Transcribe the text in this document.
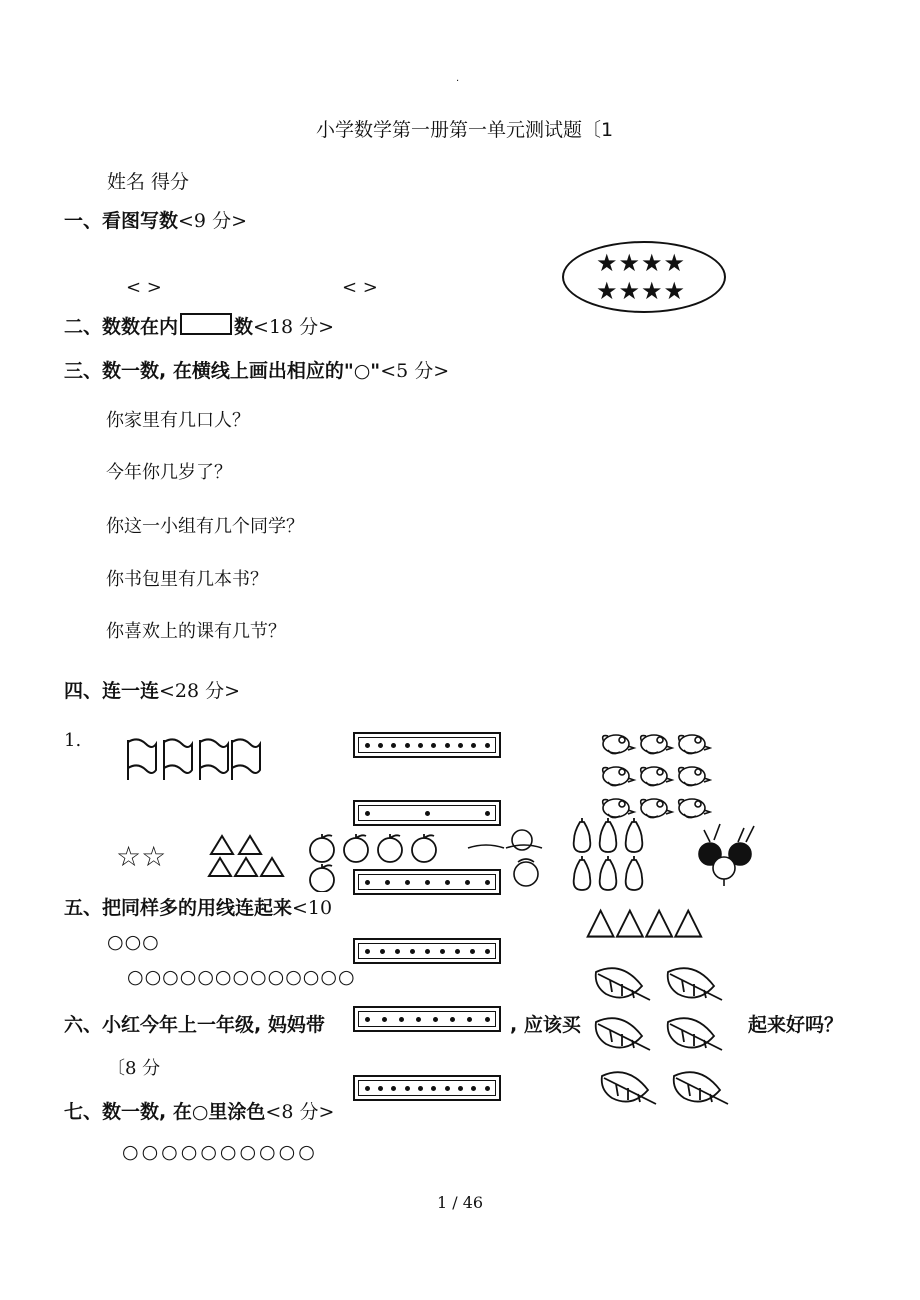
·
小学数学第一册第一单元测试题〔1
姓名 得分
一、看图写数<9 分>
< >	< >
★★★★
★★★★
二、数数在内	数<18 分>
三、数一数, 在横线上画出相应的"○"<5 分>
你家里有几口人？
今年你几岁了？
你这一小组有几个同学？
你书包里有几本书？
你喜欢上的课有几节？
四、连一连<28 分>
1.
☆☆
△△△△
五、把同样多的用线连起来<10
○○○
○○○○○○○○○○○○○
六、小红今年上一年级, 妈妈带	, 应该买	起来好吗？
〔8 分
七、数一数, 在○里涂色<8 分>
○○○○○○○○○○
1 / 46
